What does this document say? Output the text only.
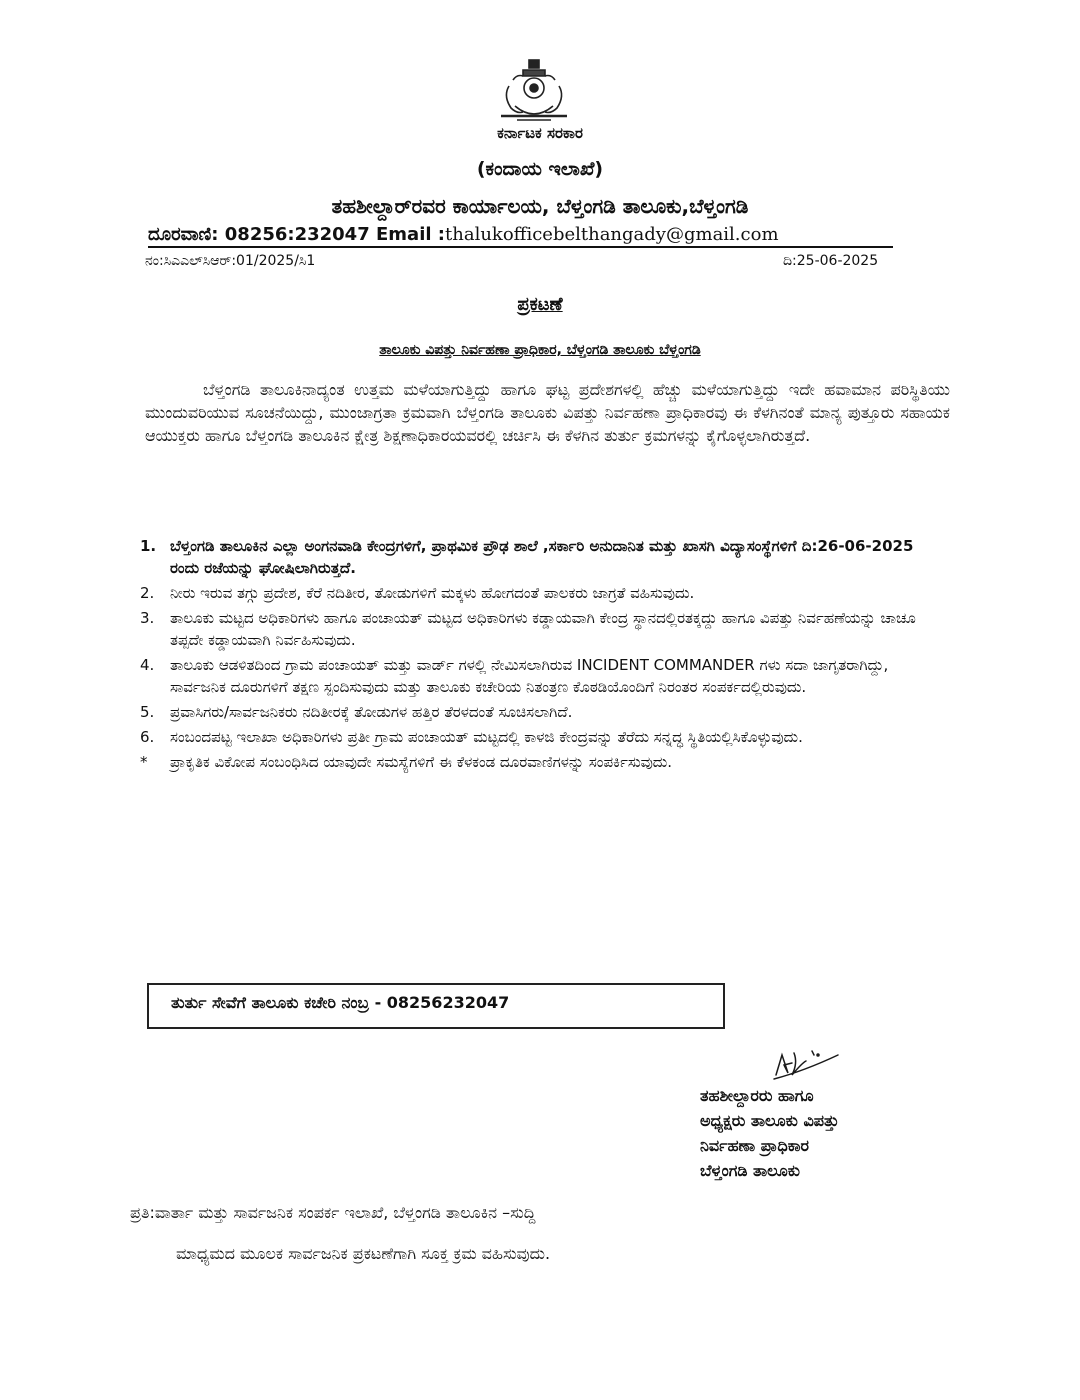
ಕರ್ನಾಟಕ ಸರಕಾರ
(ಕಂದಾಯ ಇಲಾಖೆ)
ತಹಶೀಲ್ದಾರ್‌ರವರ ಕಾರ್ಯಾಲಯ, ಬೆಳ್ತಂಗಡಿ ತಾಲೂಕು,ಬೆಳ್ತಂಗಡಿ
ದೂರವಾಣಿ: 08256:232047 Email :thalukofficebelthangady@gmail.com
ನಂ:ಸಿಎಎಲ್‌ಸಿಆರ್:01/2025/ಸಿ1	ದಿ:25-06-2025
ಪ್ರಕಟಣೆ
ತಾಲೂಕು ವಿಪತ್ತು ನಿರ್ವಹಣಾ ಪ್ರಾಧಿಕಾರ, ಬೆಳ್ತಂಗಡಿ ತಾಲೂಕು ಬೆಳ್ತಂಗಡಿ
ಬೆಳ್ತಂಗಡಿ ತಾಲೂಕಿನಾದ್ಯಂತ ಉತ್ತಮ ಮಳೆಯಾಗುತ್ತಿದ್ದು ಹಾಗೂ ಘಟ್ಟ ಪ್ರದೇಶಗಳಲ್ಲಿ ಹೆಚ್ಚು ಮಳೆಯಾಗುತ್ತಿದ್ದು ಇದೇ ಹವಾಮಾನ ಪರಿಸ್ಥಿತಿಯು ಮುಂದುವರಿಯುವ ಸೂಚನೆಯಿದ್ದು, ಮುಂಜಾಗ್ರತಾ ಕ್ರಮವಾಗಿ ಬೆಳ್ತಂಗಡಿ ತಾಲೂಕು ವಿಪತ್ತು ನಿರ್ವಹಣಾ ಪ್ರಾಧಿಕಾರವು ಈ ಕೆಳಗಿನಂತೆ ಮಾನ್ಯ ಪುತ್ತೂರು ಸಹಾಯಕ ಆಯುಕ್ತರು ಹಾಗೂ ಬೆಳ್ತಂಗಡಿ ತಾಲೂಕಿನ ಕ್ಷೇತ್ರ ಶಿಕ್ಷಣಾಧಿಕಾರಯವರಲ್ಲಿ ಚರ್ಚಿಸಿ ಈ ಕೆಳಗಿನ ತುರ್ತು ಕ್ರಮಗಳನ್ನು ಕೈಗೊಳ್ಳಲಾಗಿರುತ್ತದೆ.
1. ಬೆಳ್ತಂಗಡಿ ತಾಲೂಕಿನ ಎಲ್ಲಾ ಅಂಗನವಾಡಿ ಕೇಂದ್ರಗಳಿಗೆ, ಪ್ರಾಥಮಿಕ ಪ್ರೌಢ ಶಾಲೆ ,ಸರ್ಕಾರಿ ಅನುದಾನಿತ ಮತ್ತು ಖಾಸಗಿ ವಿದ್ಯಾಸಂಸ್ಥೆಗಳಿಗೆ ದಿ:26-06-2025 ರಂದು ರಜೆಯನ್ನು ಘೋಷಿಲಾಗಿರುತ್ತದೆ.
2. ನೀರು ಇರುವ ತಗ್ಗು ಪ್ರದೇಶ, ಕೆರೆ ನದಿತೀರ, ತೋಡುಗಳಿಗೆ ಮಕ್ಕಳು ಹೋಗದಂತೆ ಪಾಲಕರು ಜಾಗ್ರತೆ ವಹಿಸುವುದು.
3. ತಾಲೂಕು ಮಟ್ಟದ ಅಧಿಕಾರಿಗಳು ಹಾಗೂ ಪಂಚಾಯತ್ ಮಟ್ಟದ ಅಧಿಕಾರಿಗಳು ಕಡ್ಡಾಯವಾಗಿ ಕೇಂದ್ರ ಸ್ಥಾನದಲ್ಲಿರತಕ್ಕದ್ದು ಹಾಗೂ ವಿಪತ್ತು ನಿರ್ವಹಣೆಯನ್ನು ಚಾಚೂ ತಪ್ಪದೇ ಕಡ್ಡಾಯವಾಗಿ ನಿರ್ವಹಿಸುವುದು.
4. ತಾಲೂಕು ಆಡಳಿತದಿಂದ ಗ್ರಾಮ ಪಂಚಾಯತ್ ಮತ್ತು ವಾರ್ಡ್ ಗಳಲ್ಲಿ ನೇಮಿಸಲಾಗಿರುವ INCIDENT COMMANDER ಗಳು ಸದಾ ಜಾಗೃತರಾಗಿದ್ದು, ಸಾರ್ವಜನಿಕ ದೂರುಗಳಿಗೆ ತಕ್ಷಣ ಸ್ಪಂದಿಸುವುದು ಮತ್ತು ತಾಲೂಕು ಕಚೇರಿಯ ನಿತಂತ್ರಣ ಕೊಠಡಿಯೊಂದಿಗೆ ನಿರಂತರ ಸಂಪರ್ಕದಲ್ಲಿರುವುದು.
5. ಪ್ರವಾಸಿಗರು/ಸಾರ್ವಜನಿಕರು ನದಿತೀರಕ್ಕೆ ತೋಡುಗಳ ಹತ್ತಿರ ತೆರಳದಂತೆ ಸೂಚಿಸಲಾಗಿದೆ.
6. ಸಂಬಂದಪಟ್ಟ ಇಲಾಖಾ ಅಧಿಕಾರಿಗಳು ಪ್ರತೀ ಗ್ರಾಮ ಪಂಚಾಯತ್ ಮಟ್ಟದಲ್ಲಿ ಕಾಳಜಿ ಕೇಂದ್ರವನ್ನು ತೆರೆದು ಸನ್ನದ್ಧ ಸ್ಥಿತಿಯಲ್ಲಿಸಿಕೊಳ್ಳುವುದು.
* ಪ್ರಾಕೃತಿಕ ವಿಕೋಪ ಸಂಬಂಧಿಸಿದ ಯಾವುದೇ ಸಮಸ್ಯೆಗಳಿಗೆ ಈ ಕೆಳಕಂಡ ದೂರವಾಣಿಗಳನ್ನು ಸಂಪರ್ಕಿಸುವುದು.
ತುರ್ತು ಸೇವೆಗೆ ತಾಲೂಕು ಕಚೇರಿ ನಂಬ್ರ - 08256232047
ತಹಶೀಲ್ದಾರರು ಹಾಗೂ
ಅಧ್ಯಕ್ಷರು ತಾಲೂಕು ವಿಪತ್ತು
ನಿರ್ವಹಣಾ ಪ್ರಾಧಿಕಾರ
ಬೆಳ್ತಂಗಡಿ ತಾಲೂಕು
ಪ್ರತಿ:ವಾರ್ತಾ ಮತ್ತು ಸಾರ್ವಜನಿಕ ಸಂಪರ್ಕ ಇಲಾಖೆ, ಬೆಳ್ತಂಗಡಿ ತಾಲೂಕಿನ –ಸುದ್ದಿ
ಮಾಧ್ಯಮದ ಮೂಲಕ ಸಾರ್ವಜನಿಕ ಪ್ರಕಟಣೆಗಾಗಿ ಸೂಕ್ತ ಕ್ರಮ ವಹಿಸುವುದು.
